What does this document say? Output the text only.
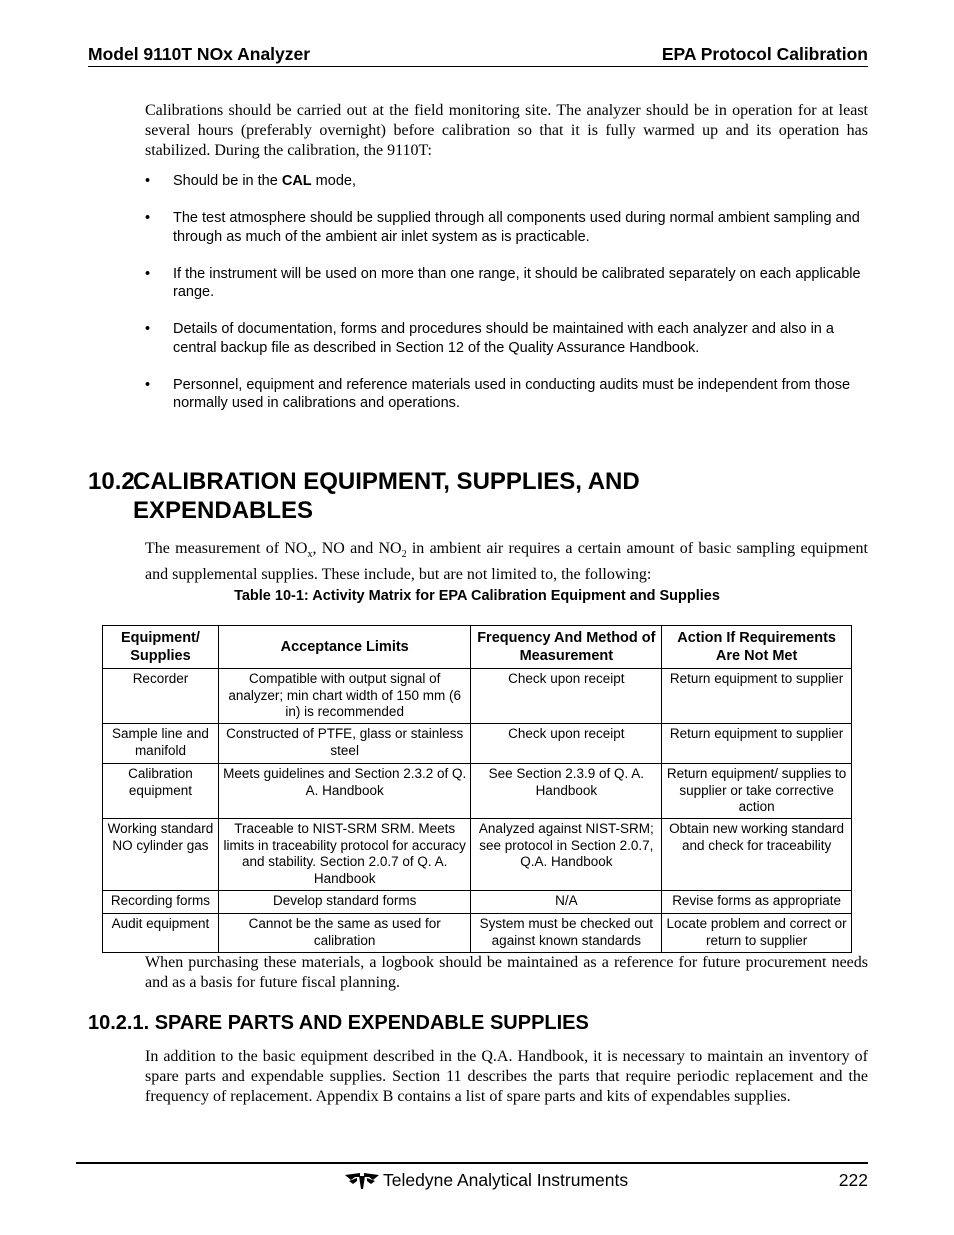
Model 9110T NOx Analyzer	EPA Protocol Calibration

Calibrations should be carried out at the field monitoring site. The analyzer should be in operation for at least several hours (preferably overnight) before calibration so that it is fully warmed up and its operation has stabilized. During the calibration, the 9110T:

• Should be in the CAL mode,
• The test atmosphere should be supplied through all components used during normal ambient sampling and through as much of the ambient air inlet system as is practicable.
• If the instrument will be used on more than one range, it should be calibrated separately on each applicable range.
• Details of documentation, forms and procedures should be maintained with each analyzer and also in a central backup file as described in Section 12 of the Quality Assurance Handbook.
• Personnel, equipment and reference materials used in conducting audits must be independent from those normally used in calibrations and operations.
10.2.CALIBRATION EQUIPMENT, SUPPLIES, AND
EXPENDABLES

The measurement of $NO_x$, NO and $NO_2$ in ambient air requires a certain amount of basic sampling equipment and supplemental supplies. These include, but are not limited to, the following:

Table 10-1: Activity Matrix for EPA Calibration Equipment and Supplies
Equipment/ Supplies	Acceptance Limits	Frequency And Method of Measurement	Action If Requirements Are Not Met
Recorder	Compatible with output signal of analyzer; min chart width of 150 mm (6 in) is recommended	Check upon receipt	Return equipment to supplier
Sample line and manifold	Constructed of PTFE, glass or stainless steel	Check upon receipt	Return equipment to supplier
Calibration equipment	Meets guidelines and Section 2.3.2 of Q. A. Handbook	See Section 2.3.9 of Q. A. Handbook	Return equipment/ supplies to supplier or take corrective action
Working standard NO cylinder gas	Traceable to NIST-SRM SRM. Meets limits in traceability protocol for accuracy and stability. Section 2.0.7 of Q. A. Handbook	Analyzed against NIST-SRM; see protocol in Section 2.0.7, Q.A. Handbook	Obtain new working standard and check for traceability
Recording forms	Develop standard forms	N/A	Revise forms as appropriate
Audit equipment	Cannot be the same as used for calibration	System must be checked out against known standards	Locate problem and correct or return to supplier

When purchasing these materials, a logbook should be maintained as a reference for future procurement needs and as a basis for future fiscal planning.

10.2.1. SPARE PARTS AND EXPENDABLE SUPPLIES

In addition to the basic equipment described in the Q.A. Handbook, it is necessary to maintain an inventory of spare parts and expendable supplies. Section 11 describes the parts that require periodic replacement and the frequency of replacement. Appendix B contains a list of spare parts and kits of expendables supplies.

Teledyne Analytical Instruments	222
